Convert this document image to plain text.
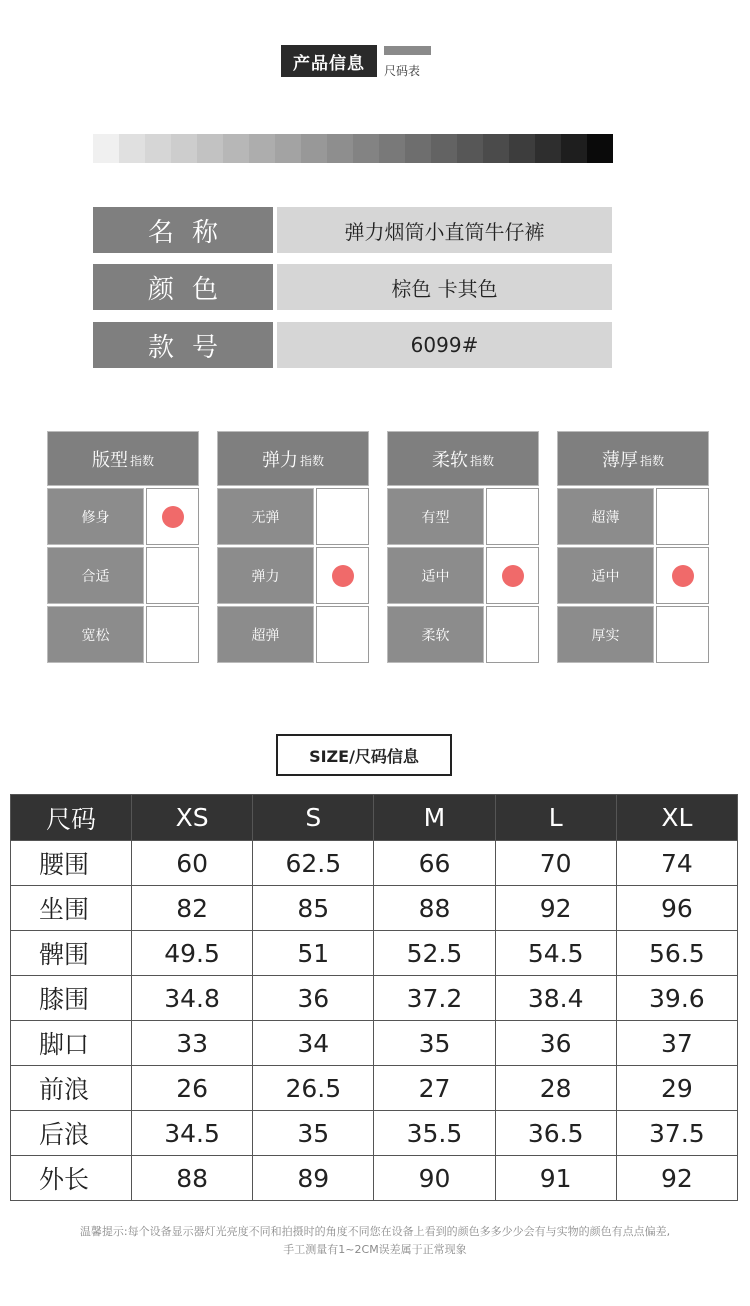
产品信息	尺码表
名称	弹力烟筒小直筒牛仔裤
颜色	棕色 卡其色
款号	6099#
版型 指数
修身
合适
宽松
弹力 指数
无弹
弹力
超弹
柔软 指数
有型
适中
柔软
薄厚 指数
超薄
适中
厚实
SIZE/尺码信息
尺码	XS	S	M	L	XL
腰围	60	62.5	66	70	74
坐围	82	85	88	92	96
髀围	49.5	51	52.5	54.5	56.5
膝围	34.8	36	37.2	38.4	39.6
脚口	33	34	35	36	37
前浪	26	26.5	27	28	29
后浪	34.5	35	35.5	36.5	37.5
外长	88	89	90	91	92
温馨提示:每个设备显示器灯光亮度不同和拍摄时的角度不同您在设备上看到的颜色多多少少会有与实物的颜色有点点偏差,
手工测量有1~2CM误差属于正常现象
